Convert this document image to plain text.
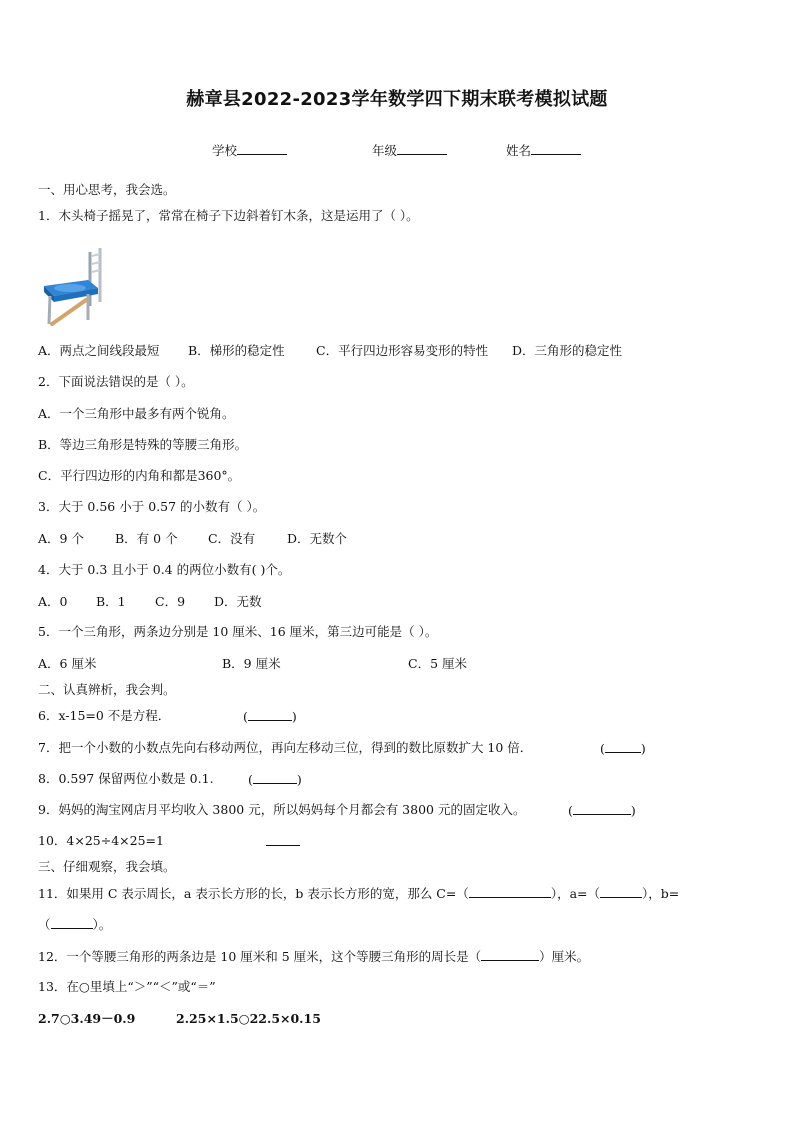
赫章县2022-2023学年数学四下期末联考模拟试题
学校	年级	姓名
一、用心思考，我会选。
1．木头椅子摇晃了，常常在椅子下边斜着钉木条，这是运用了（ ）。
A．两点之间线段最短 B．梯形的稳定性	C．平行四边形容易变形的特性 D．三角形的稳定性
2．下面说法错误的是（ ）。
A．一个三角形中最多有两个锐角。
B．等边三角形是特殊的等腰三角形。
C．平行四边形的内角和都是360°。
3．大于 0.56 小于 0.57 的小数有（ ）。
A．9 个 B．有 0 个 C．没有	D．无数个
4．大于 0.3 且小于 0.4 的两位小数有( )个。
A．0 B．1 C．9 D．无数
5．一个三角形，两条边分别是 10 厘米、16 厘米，第三边可能是（ ）。
A．6 厘米	B．9 厘米	C．5 厘米
二、认真辨析，我会判。
6．x-15=0 不是方程．	(	)
7．把一个小数的小数点先向右移动两位，再向左移动三位，得到的数比原数扩大 10 倍．	(	)
8．0.597 保留两位小数是 0.1.	(	)
9．妈妈的淘宝网店月平均收入 3800 元，所以妈妈每个月都会有 3800 元的固定收入。	(	)
10．4×25÷4×25=1
三、仔细观察，我会填。
11．如果用 C 表示周长，a 表示长方形的长，b 表示长方形的宽，那么 C=（	），a=（	），b=
（	）。
12．一个等腰三角形的两条边是 10 厘米和 5 厘米，这个等腰三角形的周长是（	）厘米。
13．在○里填上“＞”“＜”或“＝”
2.7○3.49－0.9	2.25×1.5○22.5×0.15
